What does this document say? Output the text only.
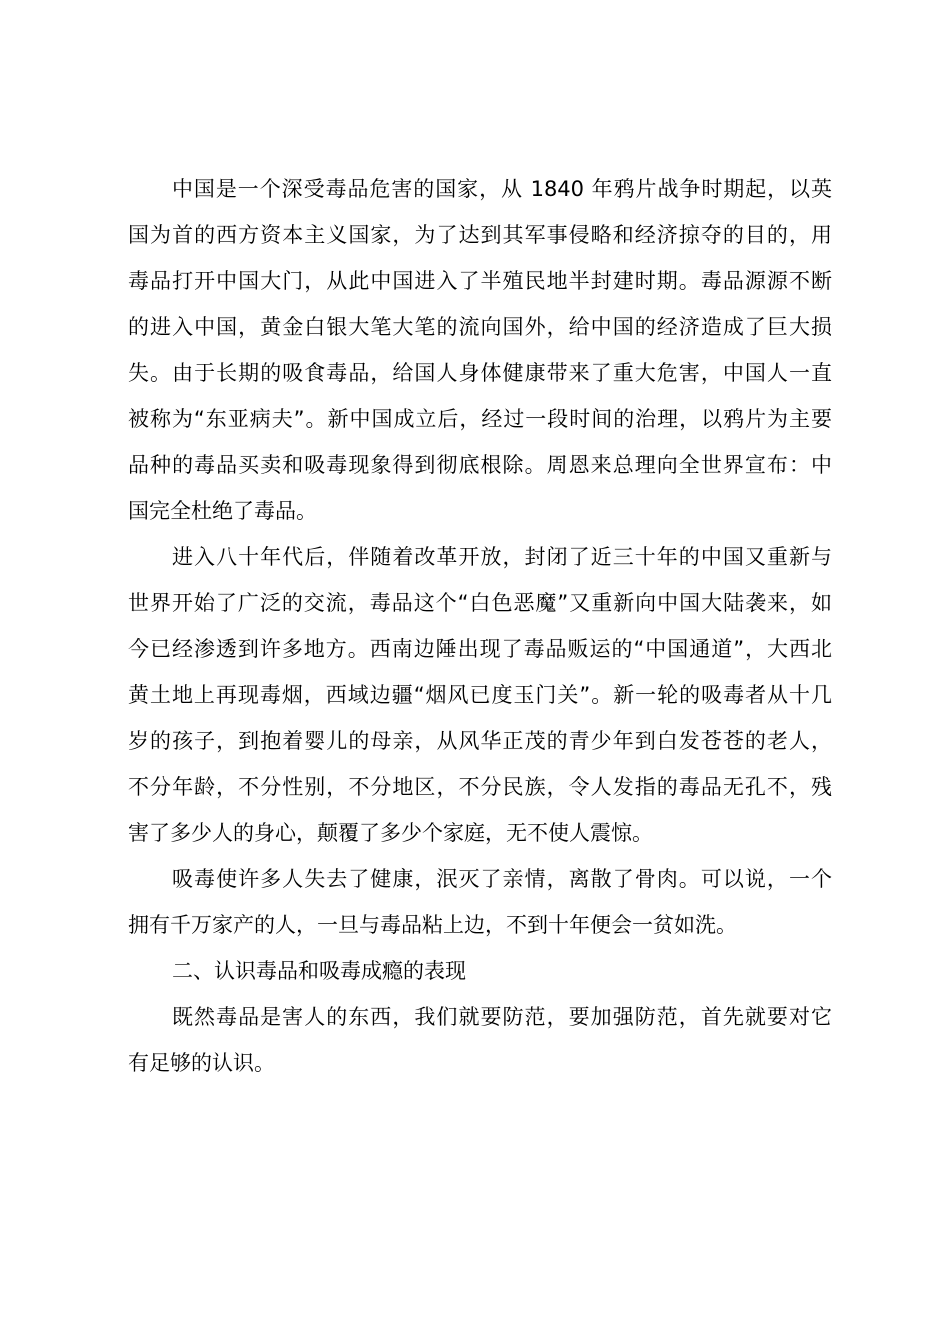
中国是一个深受毒品危害的国家，从 1840 年鸦片战争时期起，以英
国为首的西方资本主义国家，为了达到其军事侵略和经济掠夺的目的，用
毒品打开中国大门，从此中国进入了半殖民地半封建时期。毒品源源不断
的进入中国，黄金白银大笔大笔的流向国外，给中国的经济造成了巨大损
失。由于长期的吸食毒品，给国人身体健康带来了重大危害，中国人一直
被称为“东亚病夫”。新中国成立后，经过一段时间的治理，以鸦片为主要
品种的毒品买卖和吸毒现象得到彻底根除。周恩来总理向全世界宣布：中
国完全杜绝了毒品。
进入八十年代后，伴随着改革开放，封闭了近三十年的中国又重新与
世界开始了广泛的交流，毒品这个“白色恶魔”又重新向中国大陆袭来，如
今已经渗透到许多地方。西南边陲出现了毒品贩运的“中国通道”，大西北
黄土地上再现毒烟，西域边疆“烟风已度玉门关”。新一轮的吸毒者从十几
岁的孩子，到抱着婴儿的母亲，从风华正茂的青少年到白发苍苍的老人，
不分年龄，不分性别，不分地区，不分民族，令人发指的毒品无孔不，残
害了多少人的身心，颠覆了多少个家庭，无不使人震惊。
吸毒使许多人失去了健康，泯灭了亲情，离散了骨肉。可以说，一个
拥有千万家产的人，一旦与毒品粘上边，不到十年便会一贫如洗。
二、认识毒品和吸毒成瘾的表现
既然毒品是害人的东西，我们就要防范，要加强防范，首先就要对它
有足够的认识。
